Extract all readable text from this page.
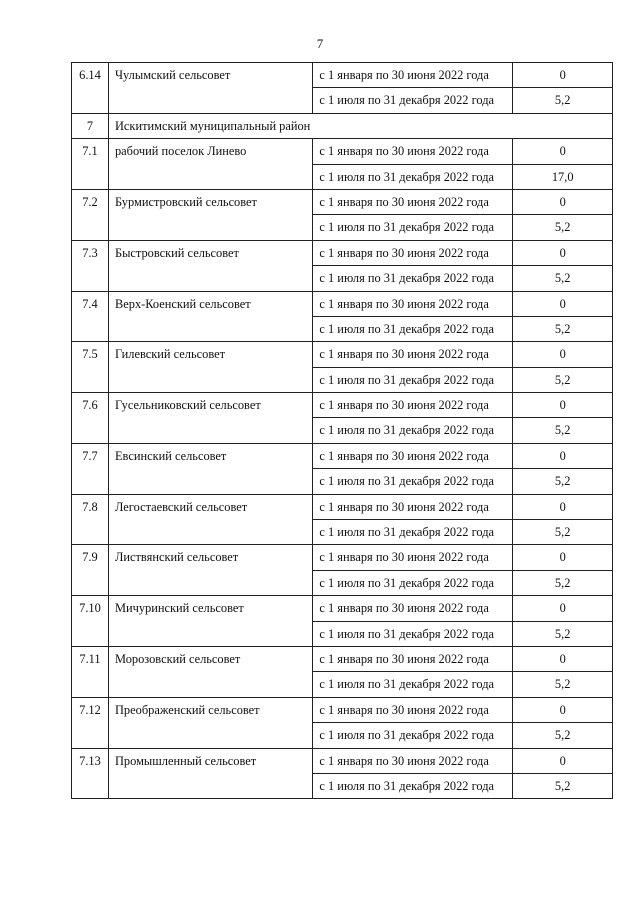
7
6.14	Чулымский сельсовет	с 1 января по 30 июня 2022 года	0
		с 1 июля по 31 декабря 2022 года	5,2
7	Искитимский муниципальный район		
7.1	рабочий поселок Линево	с 1 января по 30 июня 2022 года	0
		с 1 июля по 31 декабря 2022 года	17,0
7.2	Бурмистровский сельсовет	с 1 января по 30 июня 2022 года	0
		с 1 июля по 31 декабря 2022 года	5,2
7.3	Быстровский сельсовет	с 1 января по 30 июня 2022 года	0
		с 1 июля по 31 декабря 2022 года	5,2
7.4	Верх-Коенский сельсовет	с 1 января по 30 июня 2022 года	0
		с 1 июля по 31 декабря 2022 года	5,2
7.5	Гилевский сельсовет	с 1 января по 30 июня 2022 года	0
		с 1 июля по 31 декабря 2022 года	5,2
7.6	Гусельниковский сельсовет	с 1 января по 30 июня 2022 года	0
		с 1 июля по 31 декабря 2022 года	5,2
7.7	Евсинский сельсовет	с 1 января по 30 июня 2022 года	0
		с 1 июля по 31 декабря 2022 года	5,2
7.8	Легостаевский сельсовет	с 1 января по 30 июня 2022 года	0
		с 1 июля по 31 декабря 2022 года	5,2
7.9	Листвянский сельсовет	с 1 января по 30 июня 2022 года	0
		с 1 июля по 31 декабря 2022 года	5,2
7.10	Мичуринский сельсовет	с 1 января по 30 июня 2022 года	0
		с 1 июля по 31 декабря 2022 года	5,2
7.11	Морозовский сельсовет	с 1 января по 30 июня 2022 года	0
		с 1 июля по 31 декабря 2022 года	5,2
7.12	Преображенский сельсовет	с 1 января по 30 июня 2022 года	0
		с 1 июля по 31 декабря 2022 года	5,2
7.13	Промышленный сельсовет	с 1 января по 30 июня 2022 года	0
		с 1 июля по 31 декабря 2022 года	5,2
